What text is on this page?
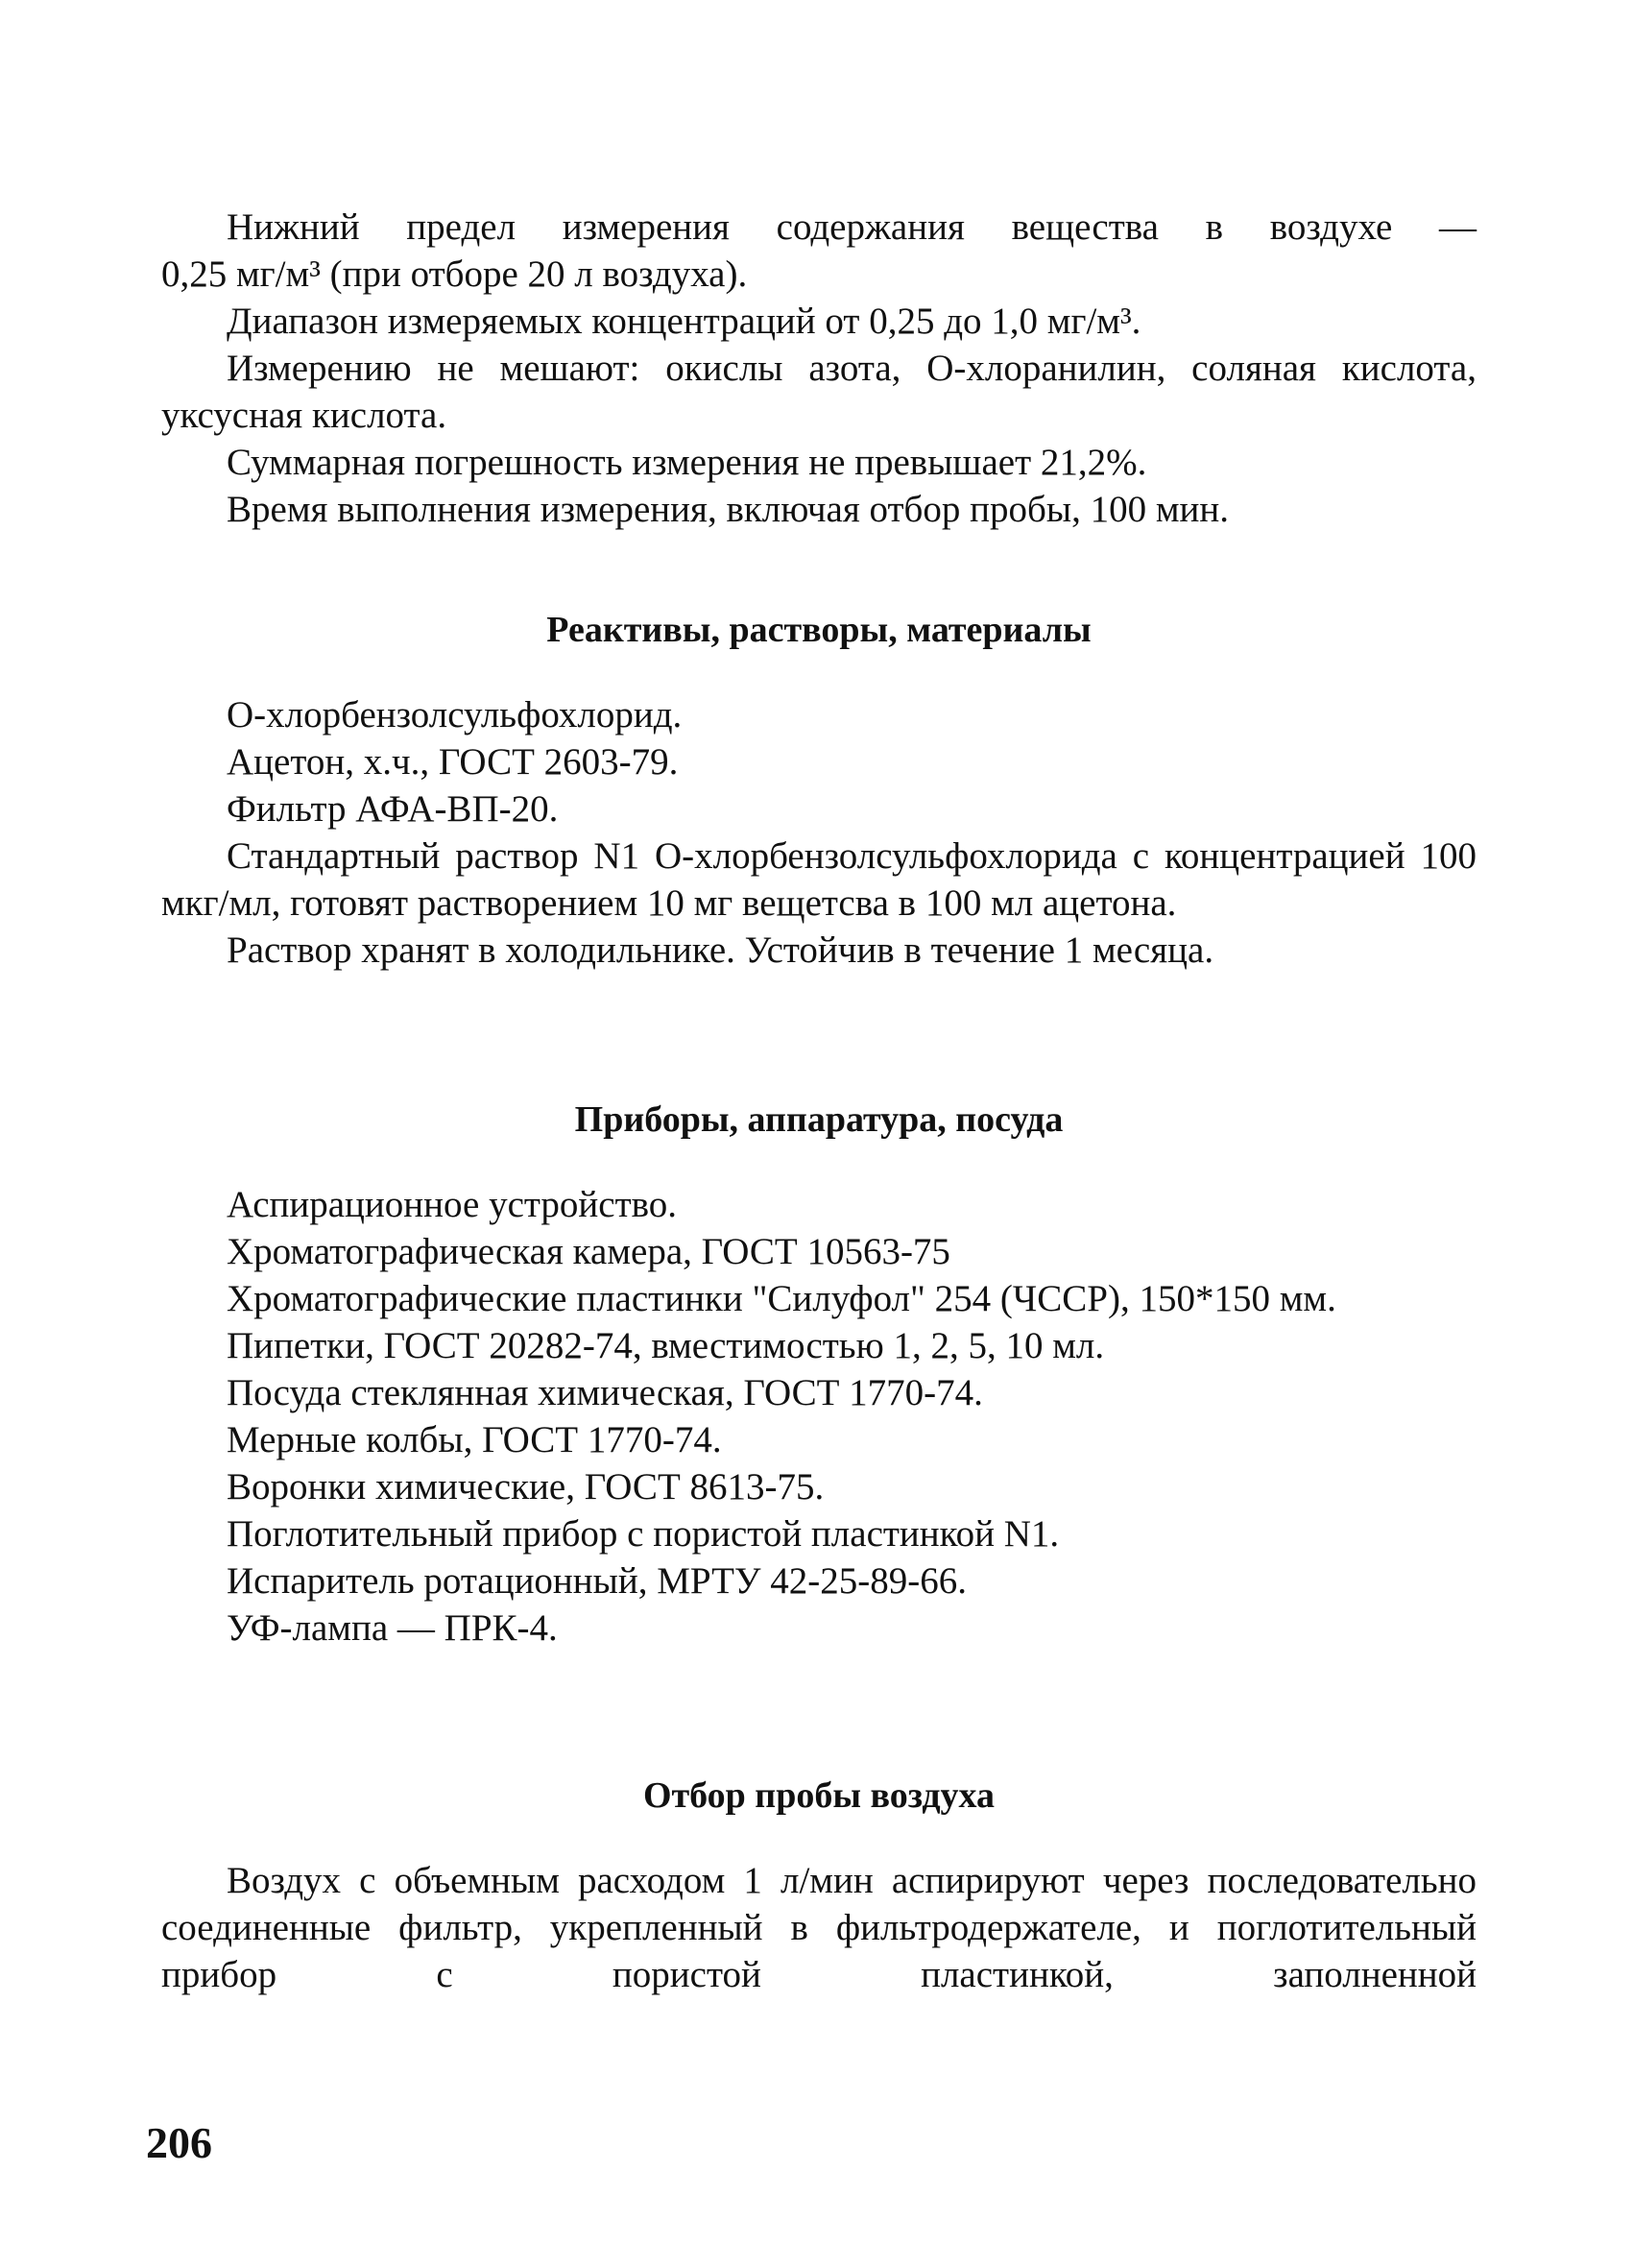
Нижний предел измерения содержания вещества в воздухе —

0,25 мг/м³ (при отборе 20 л воздуха).

Диапазон измеряемых концентраций от 0,25 до 1,0 мг/м³.

Измерению не мешают: окислы азота, О-хлоранилин, соляная кислота, уксусная кислота.

Суммарная погрешность измерения не превышает 21,2%.

Время выполнения измерения, включая отбор пробы, 100 мин.

Реактивы, растворы, материалы

О-хлорбензолсульфохлорид.

Ацетон, х.ч., ГОСТ 2603-79.

Фильтр АФА-ВП-20.

Стандартный раствор N1 О-хлорбензолсульфохлорида с концентрацией 100 мкг/мл, готовят растворением 10 мг вещетсва в 100 мл ацетона.

Раствор хранят в холодильнике. Устойчив в течение 1 месяца.

Приборы, аппаратура, посуда

Аспирационное устройство.

Хроматографическая камера, ГОСТ 10563-75

Хроматографические пластинки "Силуфол" 254 (ЧССР), 150*150 мм.

Пипетки, ГОСТ 20282-74, вместимостью 1, 2, 5, 10 мл.

Посуда стеклянная химическая, ГОСТ 1770-74.

Мерные колбы, ГОСТ 1770-74.

Воронки химические, ГОСТ 8613-75.

Поглотительный прибор с пористой пластинкой N1.

Испаритель ротационный, МРТУ 42-25-89-66.

УФ-лампа — ПРК-4.

Отбор пробы воздуха

Воздух с объемным расходом 1 л/мин аспирируют через последовательно соединенные фильтр, укрепленный в фильтродержателе, и поглотительный прибор с пористой пластинкой, заполненной

206
